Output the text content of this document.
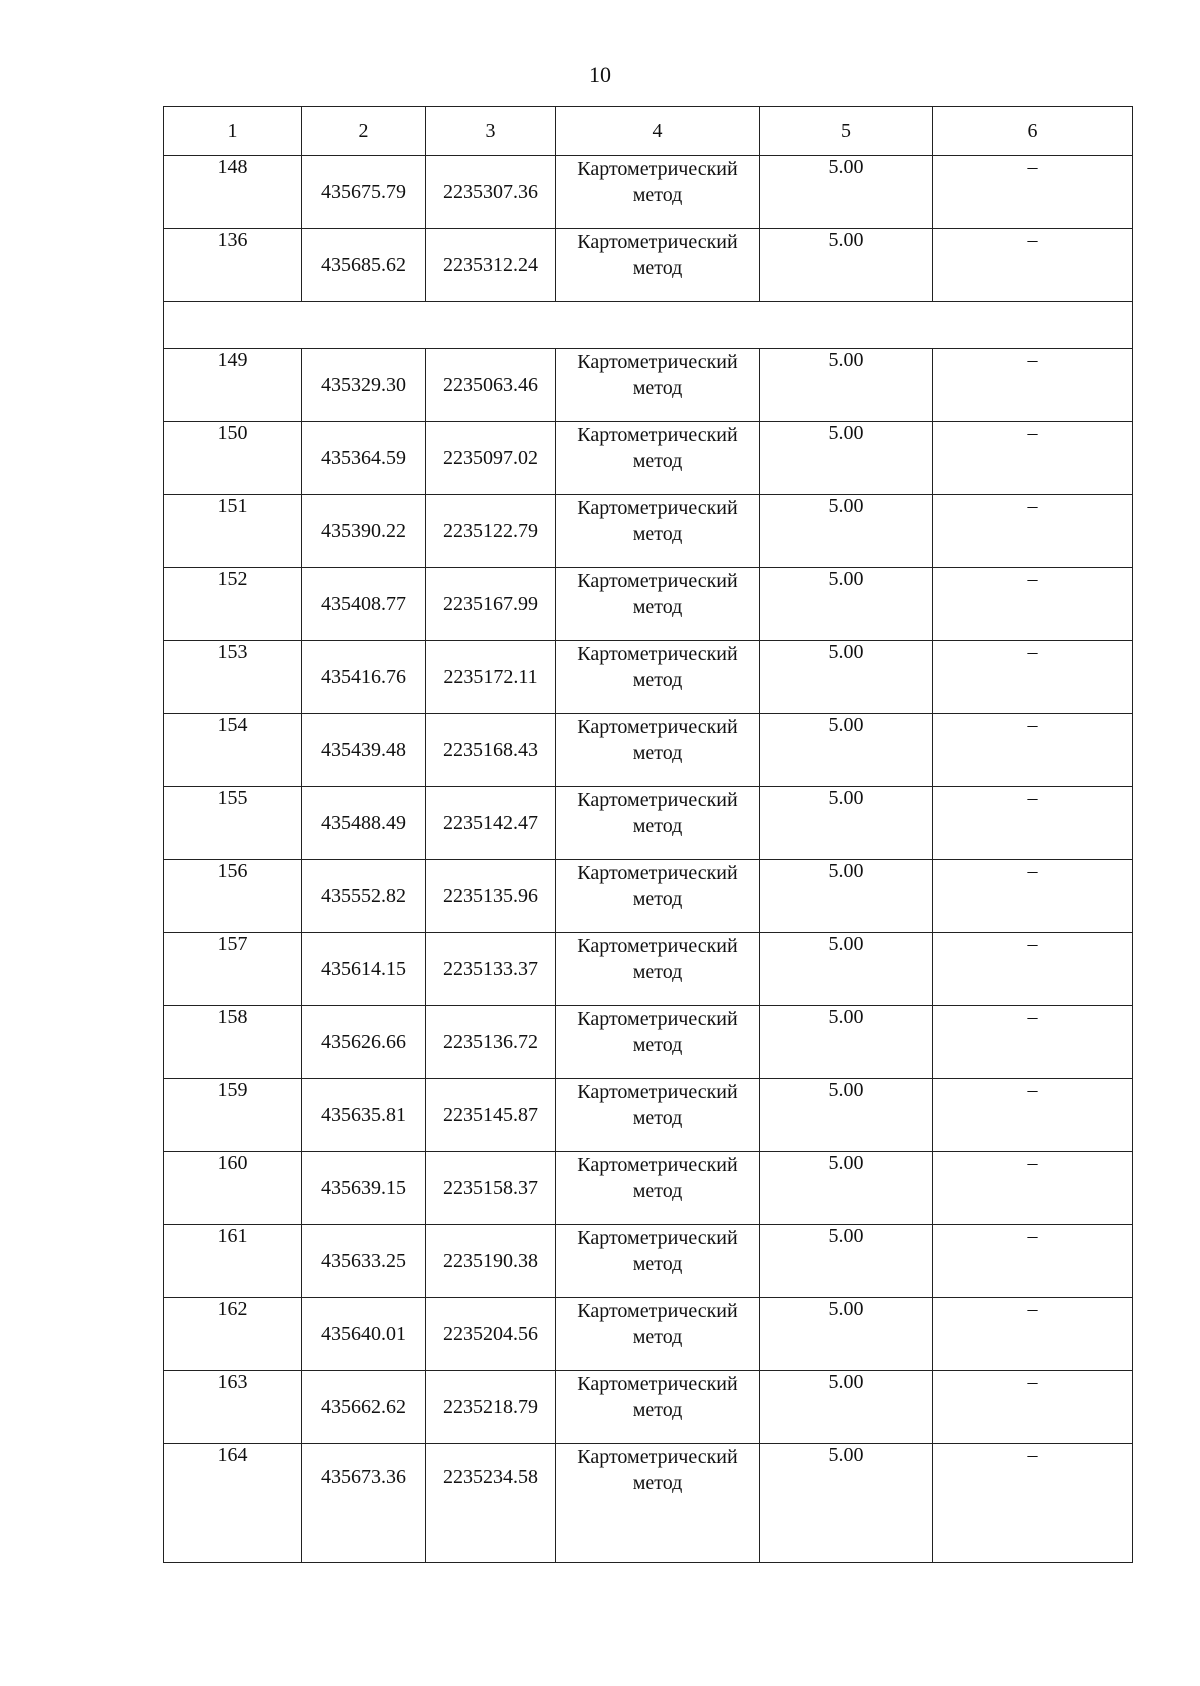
10
1	2	3	4	5	6
148	435675.79	2235307.36	Картометрический метод	5.00	–
136	435685.62	2235312.24	Картометрический метод	5.00	–

149	435329.30	2235063.46	Картометрический метод	5.00	–
150	435364.59	2235097.02	Картометрический метод	5.00	–
151	435390.22	2235122.79	Картометрический метод	5.00	–
152	435408.77	2235167.99	Картометрический метод	5.00	–
153	435416.76	2235172.11	Картометрический метод	5.00	–
154	435439.48	2235168.43	Картометрический метод	5.00	–
155	435488.49	2235142.47	Картометрический метод	5.00	–
156	435552.82	2235135.96	Картометрический метод	5.00	–
157	435614.15	2235133.37	Картометрический метод	5.00	–
158	435626.66	2235136.72	Картометрический метод	5.00	–
159	435635.81	2235145.87	Картометрический метод	5.00	–
160	435639.15	2235158.37	Картометрический метод	5.00	–
161	435633.25	2235190.38	Картометрический метод	5.00	–
162	435640.01	2235204.56	Картометрический метод	5.00	–
163	435662.62	2235218.79	Картометрический метод	5.00	–
164	435673.36	2235234.58	Картометрический метод	5.00	–
